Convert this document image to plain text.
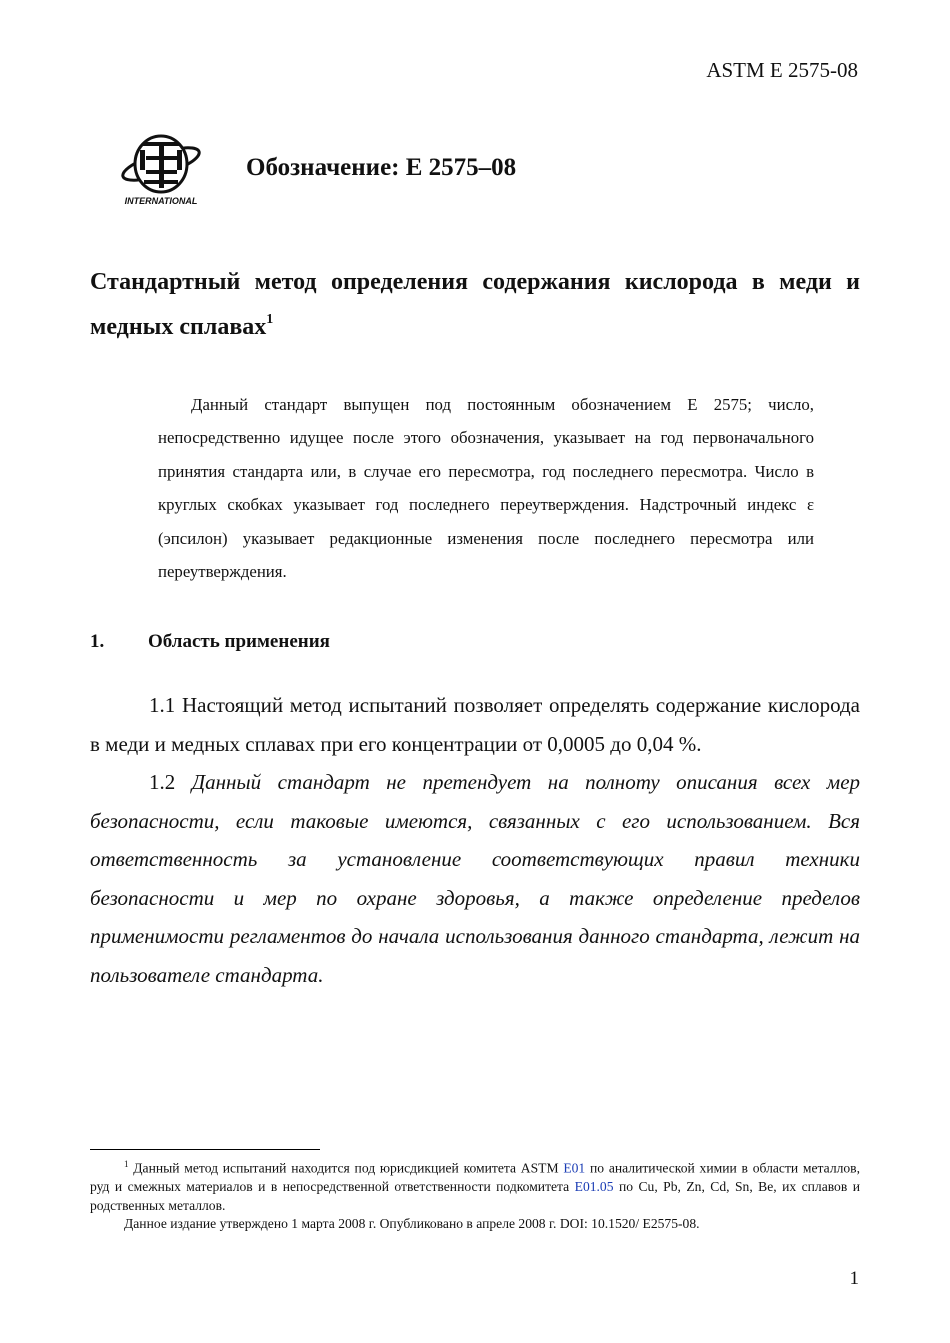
ASTM E 2575-08
INTERNATIONAL
Обозначение: E 2575–08
Стандартный метод определения содержания кислорода в меди и медных сплавах$^1$
Данный стандарт выпущен под постоянным обозначением E 2575; число, непосредственно идущее после этого обозначения, указывает на год первоначального принятия стандарта или, в случае его пересмотра, год последнего пересмотра. Число в круглых скобках указывает год последнего переутверждения. Надстрочный индекс ε (эпсилон) указывает редакционные изменения после последнего пересмотра или переутверждения.
1. Область применения
1.1 Настоящий метод испытаний позволяет определять содержание кислорода в меди и медных сплавах при его концентрации от 0,0005 до 0,04 %.
1.2 Данный стандарт не претендует на полноту описания всех мер безопасности, если таковые имеются, связанных с его использованием. Вся ответственность за установление соответствующих правил техники безопасности и мер по охране здоровья, а также определение пределов применимости регламентов до начала использования данного стандарта, лежит на пользователе стандарта.

$^1$ Данный метод испытаний находится под юрисдикцией комитета ASTM E01 по аналитической химии в области металлов, руд и смежных материалов и в непосредственной ответственности подкомитета E01.05 по Cu, Pb, Zn, Cd, Sn, Be, их сплавов и родственных металлов.

Данное издание утверждено 1 марта 2008 г. Опубликовано в апреле 2008 г. DOI: 10.1520/ E2575-08.

1
